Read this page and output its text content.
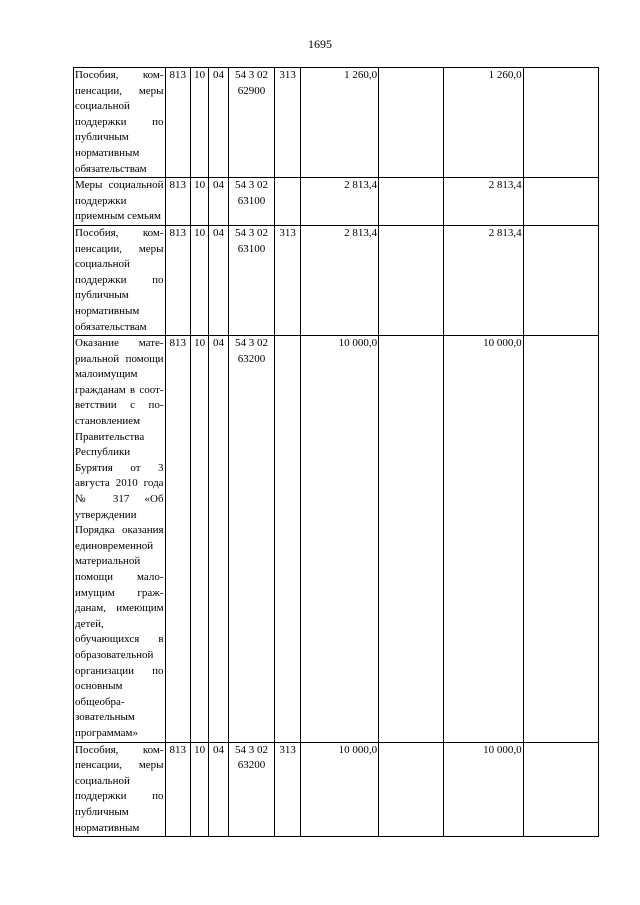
1695
Пособия, компенсации, меры социальной поддержки по публичным нормативным обязательствам	813	10	04	54 3 02 62900	313	1 260,0		1 260,0	
Меры социальной поддержки приемным семьям	813	10	04	54 3 02 63100		2 813,4		2 813,4	
Пособия, компенсации, меры социальной поддержки по публичным нормативным обязательствам	813	10	04	54 3 02 63100	313	2 813,4		2 813,4	
Оказание материальной помощи малоимущим гражданам в соответствии с постановлением Правительства Республики Бурятия от 3 августа 2010 года № 317 «Об утверждении Порядка оказания единовременной материальной помощи малоимущим гражданам, имеющим детей, обучающихся в образовательной организации по основным общеобразовательным программам»	813	10	04	54 3 02 63200		10 000,0		10 000,0	
Пособия, компенсации, меры социальной поддержки по публичным нормативным	813	10	04	54 3 02 63200	313	10 000,0		10 000,0	
